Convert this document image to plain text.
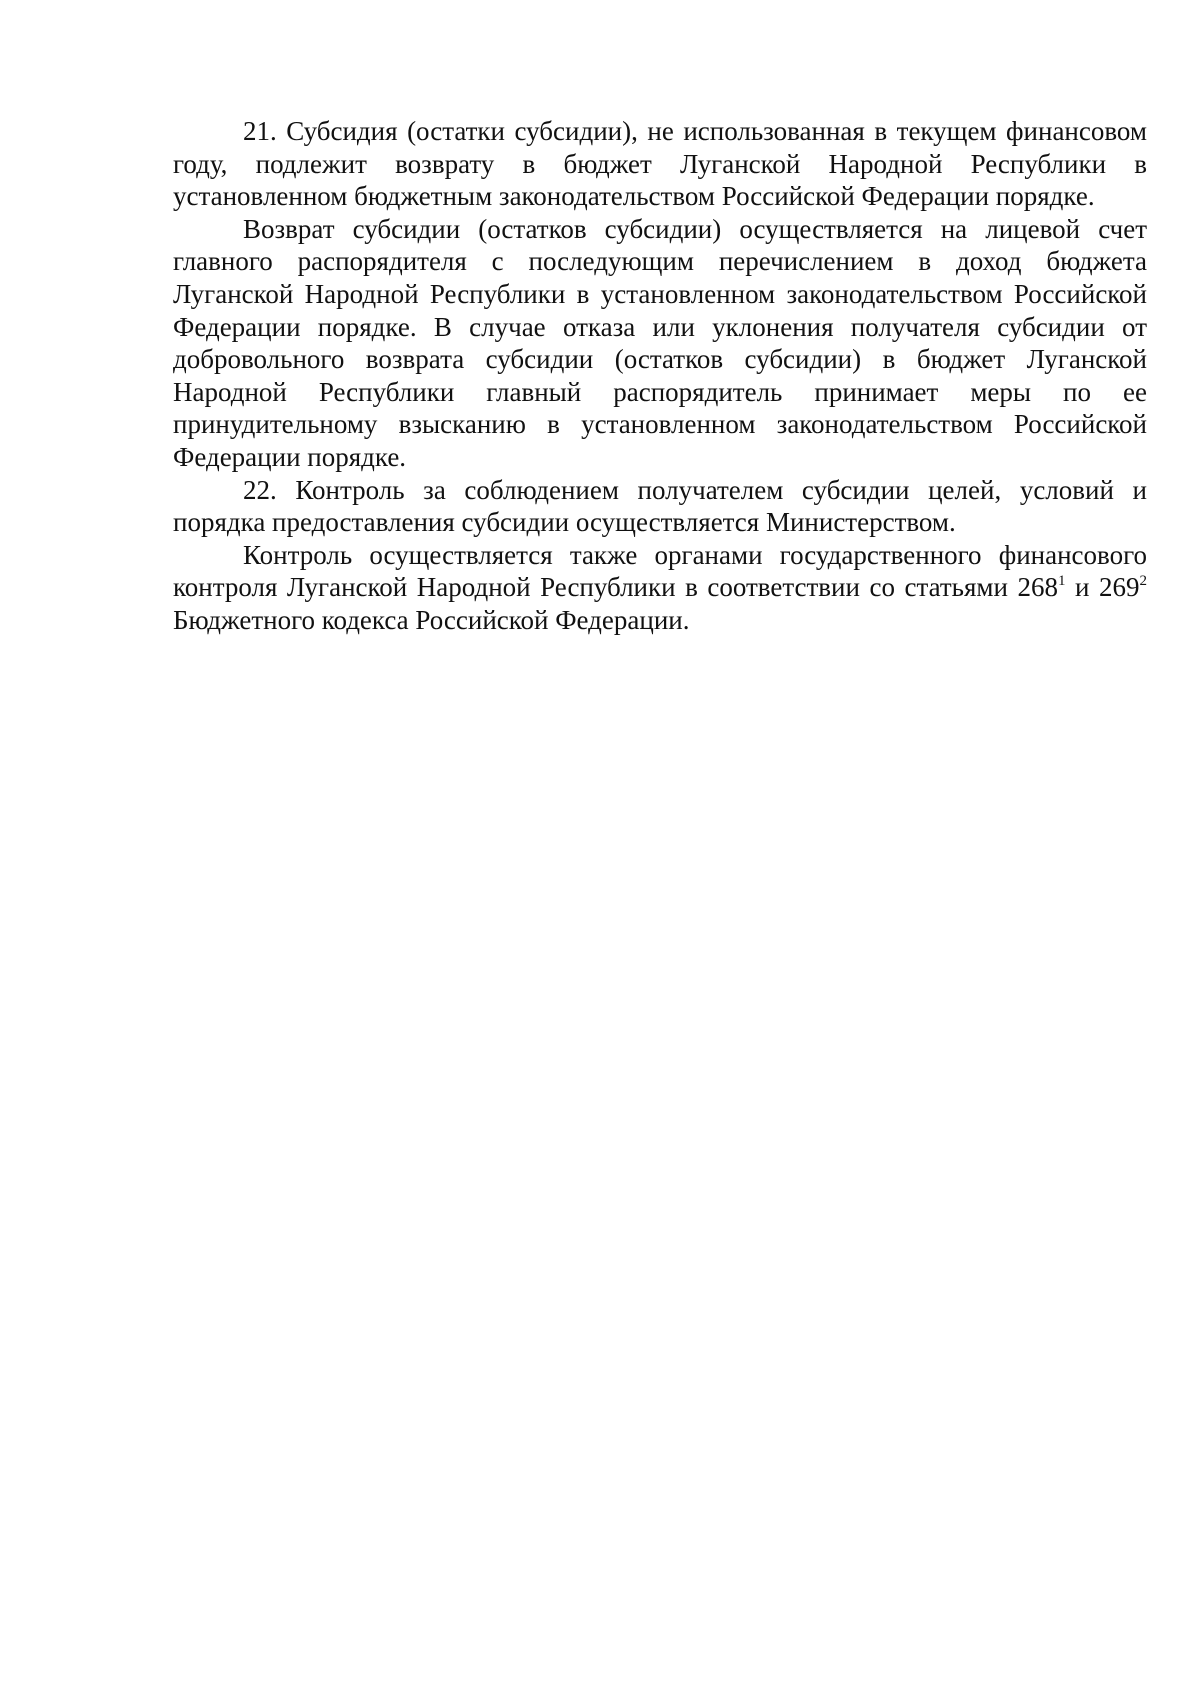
21. Субсидия (остатки субсидии), не использованная в текущем финансовом году, подлежит возврату в бюджет Луганской Народной Республики в установленном бюджетным законодательством Российской Федерации порядке.

Возврат субсидии (остатков субсидии) осуществляется на лицевой счет главного распорядителя с последующим перечислением в доход бюджета Луганской Народной Республики в установленном законодательством Российской Федерации порядке. В случае отказа или уклонения получателя субсидии от добровольного возврата субсидии (остатков субсидии) в бюджет Луганской Народной Республики главный распорядитель принимает меры по ее принудительному взысканию в установленном законодательством Российской Федерации порядке.

22. Контроль за соблюдением получателем субсидии целей, условий и порядка предоставления субсидии осуществляется Министерством.

Контроль осуществляется также органами государственного финансового контроля Луганской Народной Республики в соответствии со статьями $268^1$ и $269^2$ Бюджетного кодекса Российской Федерации.
